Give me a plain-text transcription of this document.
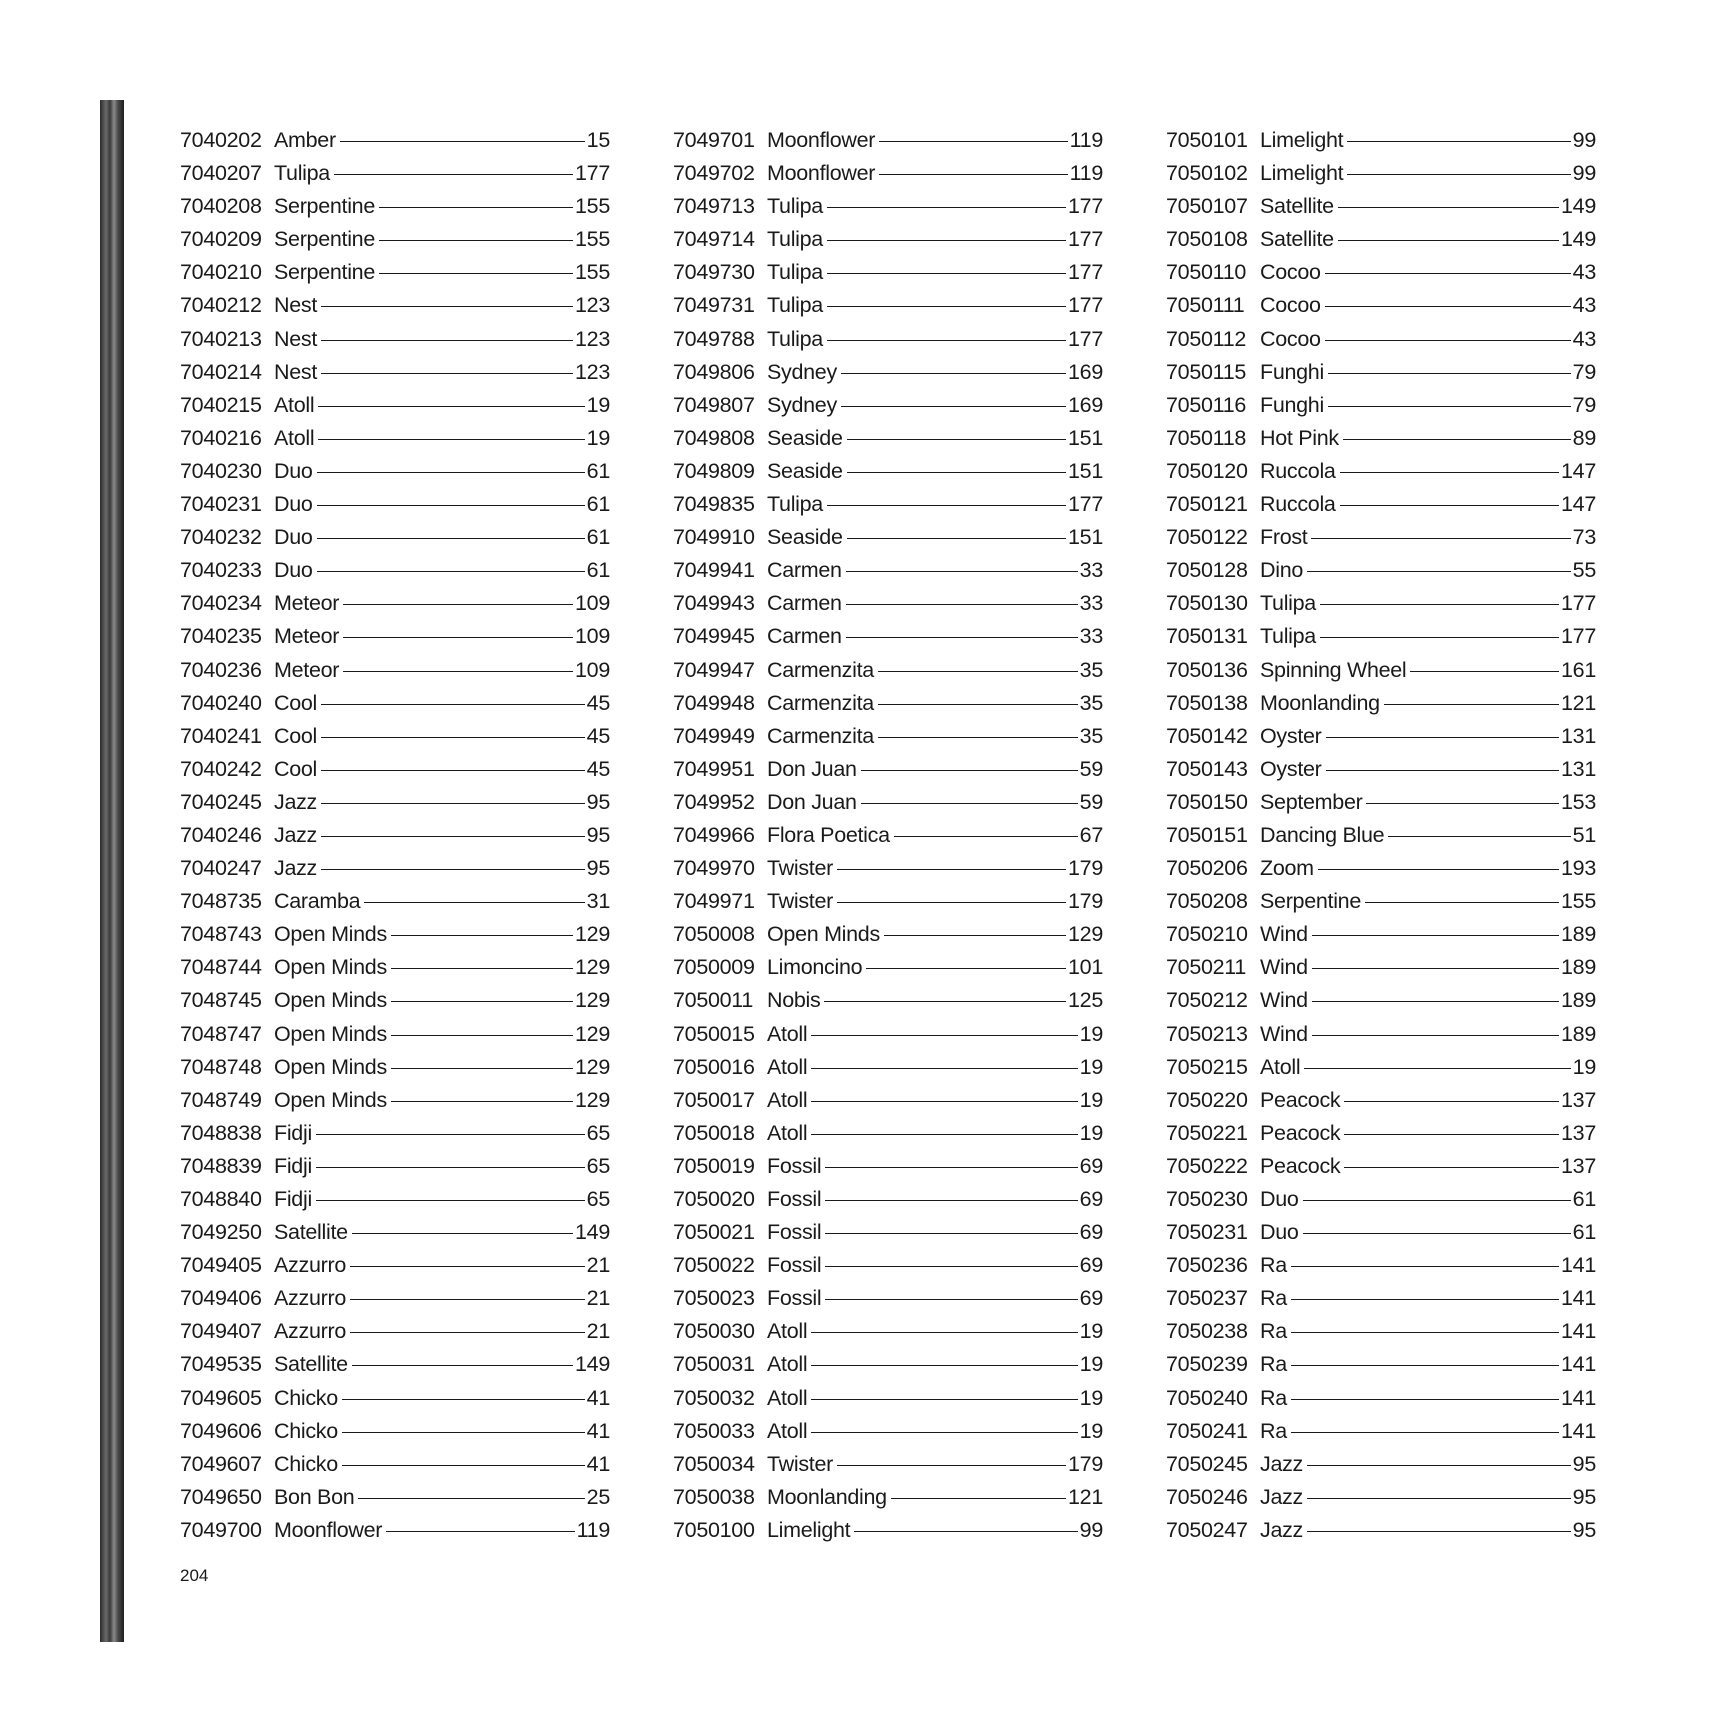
7040202 Amber	15
7040207 Tulipa	177
7040208 Serpentine	155
7040209 Serpentine	155
7040210 Serpentine	155
7040212 Nest	123
7040213 Nest	123
7040214 Nest	123
7040215 Atoll	19
7040216 Atoll	19
7040230 Duo	61
7040231 Duo	61
7040232 Duo	61
7040233 Duo	61
7040234 Meteor	109
7040235 Meteor	109
7040236 Meteor	109
7040240 Cool	45
7040241 Cool	45
7040242 Cool	45
7040245 Jazz	95
7040246 Jazz	95
7040247 Jazz	95
7048735 Caramba	31
7048743 Open Minds	129
7048744 Open Minds	129
7048745 Open Minds	129
7048747 Open Minds	129
7048748 Open Minds	129
7048749 Open Minds	129
7048838 Fidji	65
7048839 Fidji	65
7048840 Fidji	65
7049250 Satellite	149
7049405 Azzurro	21
7049406 Azzurro	21
7049407 Azzurro	21
7049535 Satellite	149
7049605 Chicko	41
7049606 Chicko	41
7049607 Chicko	41
7049650 Bon Bon	25
7049700 Moonflower	119
7049701 Moonflower	119
7049702 Moonflower	119
7049713 Tulipa	177
7049714 Tulipa	177
7049730 Tulipa	177
7049731 Tulipa	177
7049788 Tulipa	177
7049806 Sydney	169
7049807 Sydney	169
7049808 Seaside	151
7049809 Seaside	151
7049835 Tulipa	177
7049910 Seaside	151
7049941 Carmen	33
7049943 Carmen	33
7049945 Carmen	33
7049947 Carmenzita	35
7049948 Carmenzita	35
7049949 Carmenzita	35
7049951 Don Juan	59
7049952 Don Juan	59
7049966 Flora Poetica	67
7049970 Twister	179
7049971 Twister	179
7050008 Open Minds	129
7050009 Limoncino	101
7050011 Nobis	125
7050015 Atoll	19
7050016 Atoll	19
7050017 Atoll	19
7050018 Atoll	19
7050019 Fossil	69
7050020 Fossil	69
7050021 Fossil	69
7050022 Fossil	69
7050023 Fossil	69
7050030 Atoll	19
7050031 Atoll	19
7050032 Atoll	19
7050033 Atoll	19
7050034 Twister	179
7050038 Moonlanding	121
7050100 Limelight	99
7050101 Limelight	99
7050102 Limelight	99
7050107 Satellite	149
7050108 Satellite	149
7050110 Cocoo	43
7050111 Cocoo	43
7050112 Cocoo	43
7050115 Funghi	79
7050116 Funghi	79
7050118 Hot Pink	89
7050120 Ruccola	147
7050121 Ruccola	147
7050122 Frost	73
7050128 Dino	55
7050130 Tulipa	177
7050131 Tulipa	177
7050136 Spinning Wheel	161
7050138 Moonlanding	121
7050142 Oyster	131
7050143 Oyster	131
7050150 September	153
7050151 Dancing Blue	51
7050206 Zoom	193
7050208 Serpentine	155
7050210 Wind	189
7050211 Wind	189
7050212 Wind	189
7050213 Wind	189
7050215 Atoll	19
7050220 Peacock	137
7050221 Peacock	137
7050222 Peacock	137
7050230 Duo	61
7050231 Duo	61
7050236 Ra	141
7050237 Ra	141
7050238 Ra	141
7050239 Ra	141
7050240 Ra	141
7050241 Ra	141
7050245 Jazz	95
7050246 Jazz	95
7050247 Jazz	95
204
